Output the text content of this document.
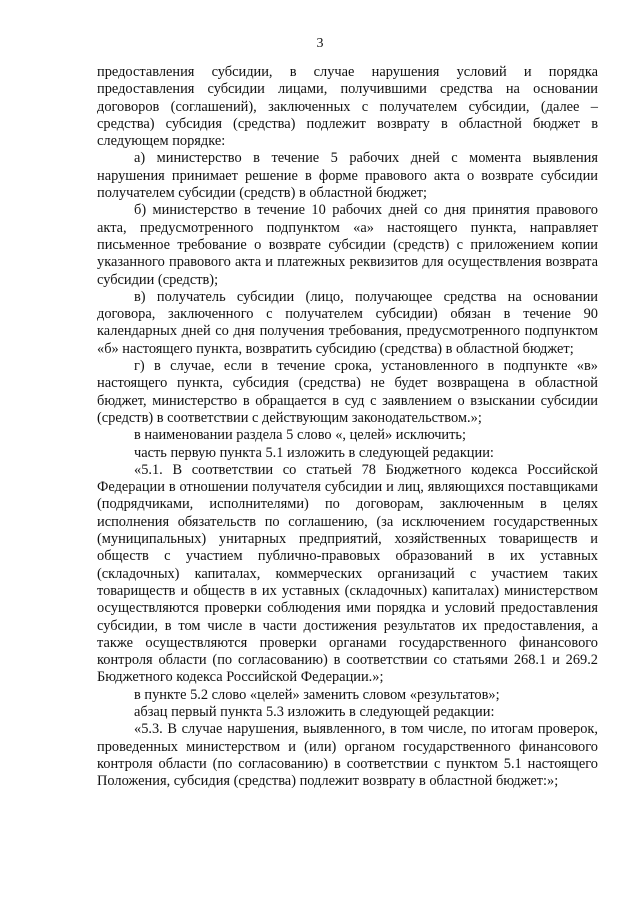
3

предоставления субсидии, в случае нарушения условий и порядка предоставления субсидии лицами, получившими средства на основании договоров (соглашений), заключенных с получателем субсидии, (далее – средства) субсидия (средства) подлежит возврату в областной бюджет в следующем порядке:

а) министерство в течение 5 рабочих дней с момента выявления нарушения принимает решение в форме правового акта о возврате субсидии получателем субсидии (средств) в областной бюджет;

б) министерство в течение 10 рабочих дней со дня принятия правового акта, предусмотренного подпунктом «а» настоящего пункта, направляет письменное требование о возврате субсидии (средств) с приложением копии указанного правового акта и платежных реквизитов для осуществления возврата субсидии (средств);

в) получатель субсидии (лицо, получающее средства на основании договора, заключенного с получателем субсидии) обязан в течение 90 календарных дней со дня получения требования, предусмотренного подпунктом «б» настоящего пункта, возвратить субсидию (средства) в областной бюджет;

г) в случае, если в течение срока, установленного в подпункте «в» настоящего пункта, субсидия (средства) не будет возвращена в областной бюджет, министерство в обращается в суд с заявлением о взыскании субсидии (средств) в соответствии с действующим законодательством.»;

в наименовании раздела 5 слово «, целей» исключить;

часть первую пункта 5.1 изложить в следующей редакции:

«5.1. В соответствии со статьей 78 Бюджетного кодекса Российской Федерации в отношении получателя субсидии и лиц, являющихся поставщиками (подрядчиками, исполнителями) по договорам, заключенным в целях исполнения обязательств по соглашению, (за исключением государственных (муниципальных) унитарных предприятий, хозяйственных товариществ и обществ с участием публично-правовых образований в их уставных (складочных) капиталах, коммерческих организаций с участием таких товариществ и обществ в их уставных (складочных) капиталах) министерством осуществляются проверки соблюдения ими порядка и условий предоставления субсидии, в том числе в части достижения результатов их предоставления, а также осуществляются проверки органами государственного финансового контроля области (по согласованию) в соответствии со статьями 268.1 и 269.2 Бюджетного кодекса Российской Федерации.»;

в пункте 5.2 слово «целей» заменить словом «результатов»;

абзац первый пункта 5.3 изложить в следующей редакции:

«5.3. В случае нарушения, выявленного, в том числе, по итогам проверок, проведенных министерством и (или) органом государственного финансового контроля области (по согласованию) в соответствии с пунктом 5.1 настоящего Положения, субсидия (средства) подлежит возврату в областной бюджет:»;
